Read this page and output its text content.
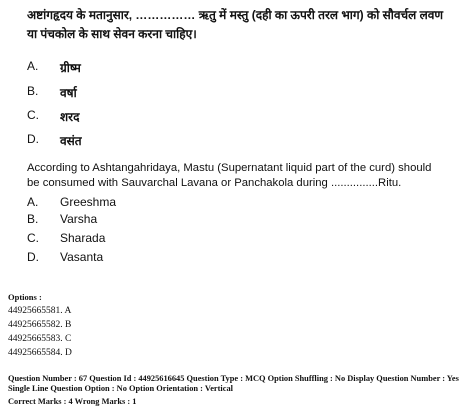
अष्टांगहृदय के मतानुसार, …………… ऋतु में मस्तु (दही का ऊपरी तरल भाग) को सौवर्चल लवण या पंचकोल के साथ सेवन करना चाहिए।
A. ग्रीष्म
B. वर्षा
C. शरद
D. वसंत
According to Ashtangahridaya, Mastu (Supernatant liquid part of the curd) should be consumed with Sauvarchal Lavana or Panchakola during ...............Ritu.
A. Greeshma
B. Varsha
C. Sharada
D. Vasanta
Options :
44925665581. A
44925665582. B
44925665583. C
44925665584. D
Question Number : 67 Question Id : 44925616645 Question Type : MCQ Option Shuffling : No Display Question Number : Yes Single Line Question Option : No Option Orientation : Vertical
Correct Marks : 4 Wrong Marks : 1
